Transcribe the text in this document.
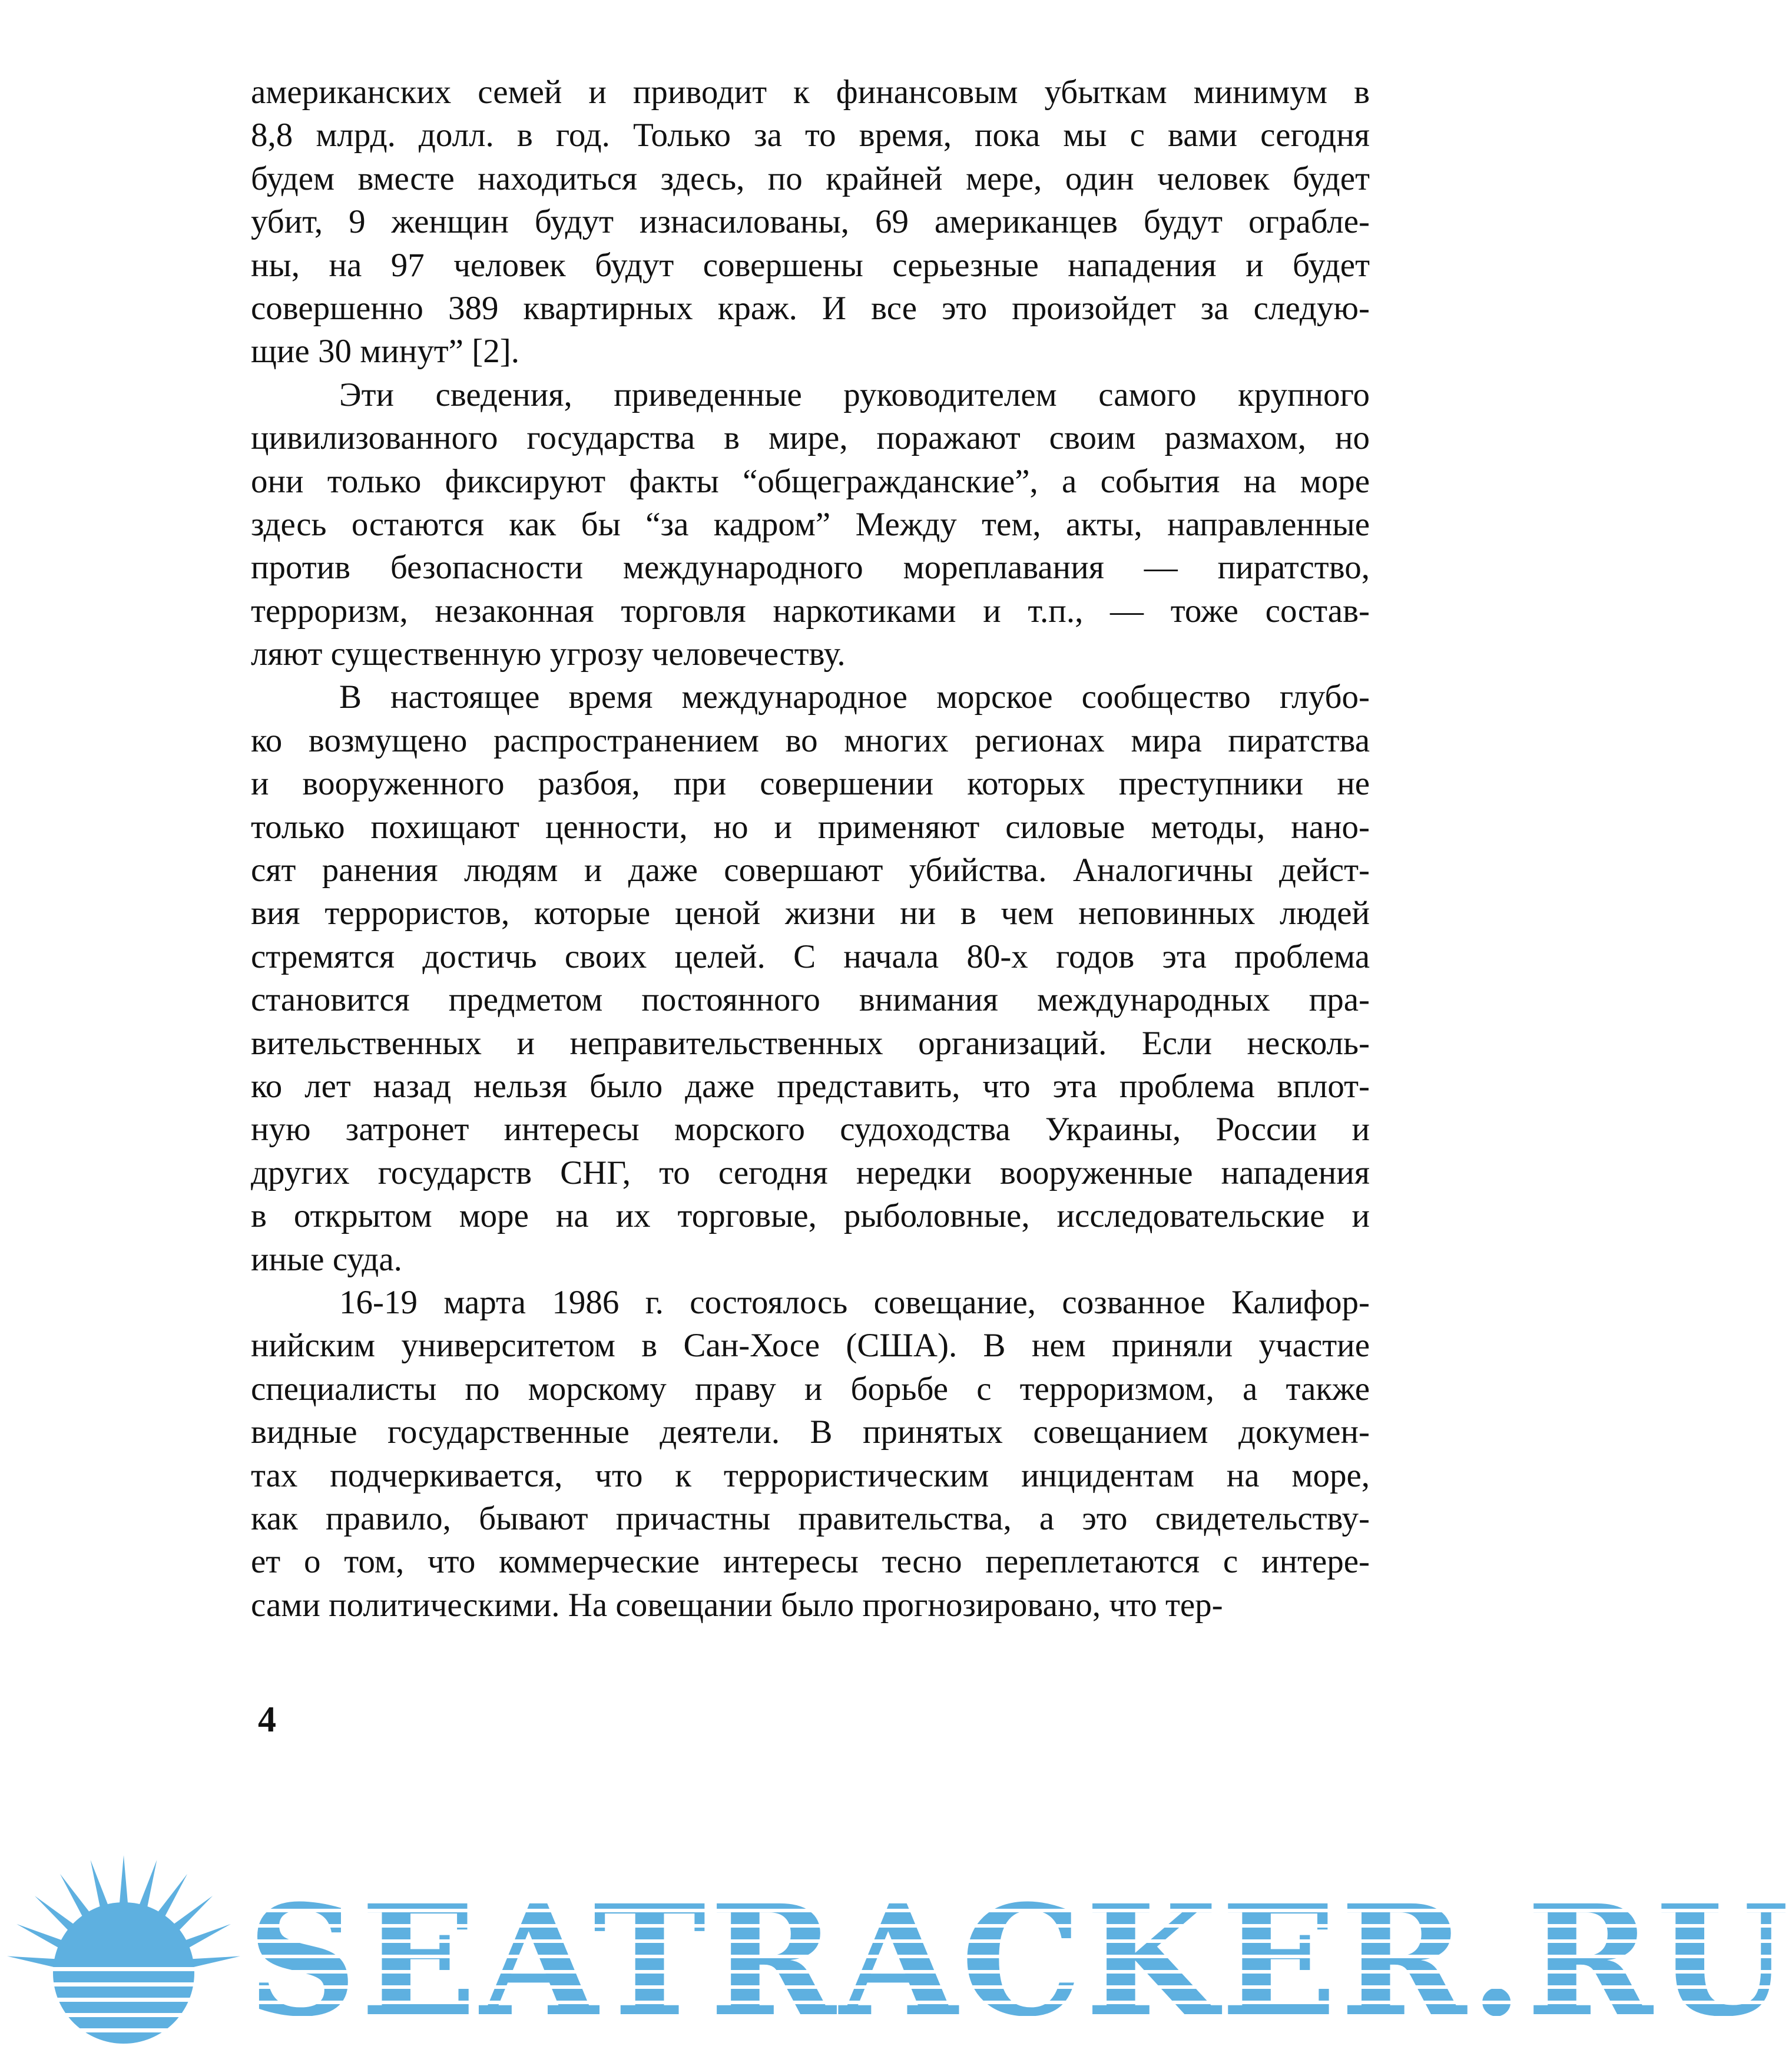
американских семей и приводит к финансовым убыткам минимум в
8,8 млрд. долл. в год. Только за то время, пока мы с вами сегодня
будем вместе находиться здесь, по крайней мере, один человек будет
убит, 9 женщин будут изнасилованы, 69 американцев будут ограбле-
ны, на 97 человек будут совершены серьезные нападения и будет
совершенно 389 квартирных краж. И все это произойдет за следую-
щие 30 минут” [2].
Эти сведения, приведенные руководителем самого крупного
цивилизованного государства в мире, поражают своим размахом, но
они только фиксируют факты “общегражданские”, а события на море
здесь остаются как бы “за кадром” Между тем, акты, направленные
против безопасности международного мореплавания — пиратство,
терроризм, незаконная торговля наркотиками и т.п., — тоже состав-
ляют существенную угрозу человечеству.
В настоящее время международное морское сообщество глубо-
ко возмущено распространением во многих регионах мира пиратства
и вооруженного разбоя, при совершении которых преступники не
только похищают ценности, но и применяют силовые методы, нано-
сят ранения людям и даже совершают убийства. Аналогичны дейст-
вия террористов, которые ценой жизни ни в чем неповинных людей
стремятся достичь своих целей. С начала 80-х годов эта проблема
становится предметом постоянного внимания международных пра-
вительственных и неправительственных организаций. Если несколь-
ко лет назад нельзя было даже представить, что эта проблема вплот-
ную затронет интересы морского судоходства Украины, России и
других государств СНГ, то сегодня нередки вооруженные нападения
в открытом море на их торговые, рыболовные, исследовательские и
иные суда.
16-19 марта 1986 г. состоялось совещание, созванное Калифор-
нийским университетом в Сан-Хосе (США). В нем приняли участие
специалисты по морскому праву и борьбе с терроризмом, а также
видные государственные деятели. В принятых совещанием докумен-
тах подчеркивается, что к террористическим инцидентам на море,
как правило, бывают причастны правительства, а это свидетельству-
ет о том, что коммерческие интересы тесно переплетаются с интере-
сами политическими. На совещании было прогнозировано, что тер-
4
SEATRACKER.RU
